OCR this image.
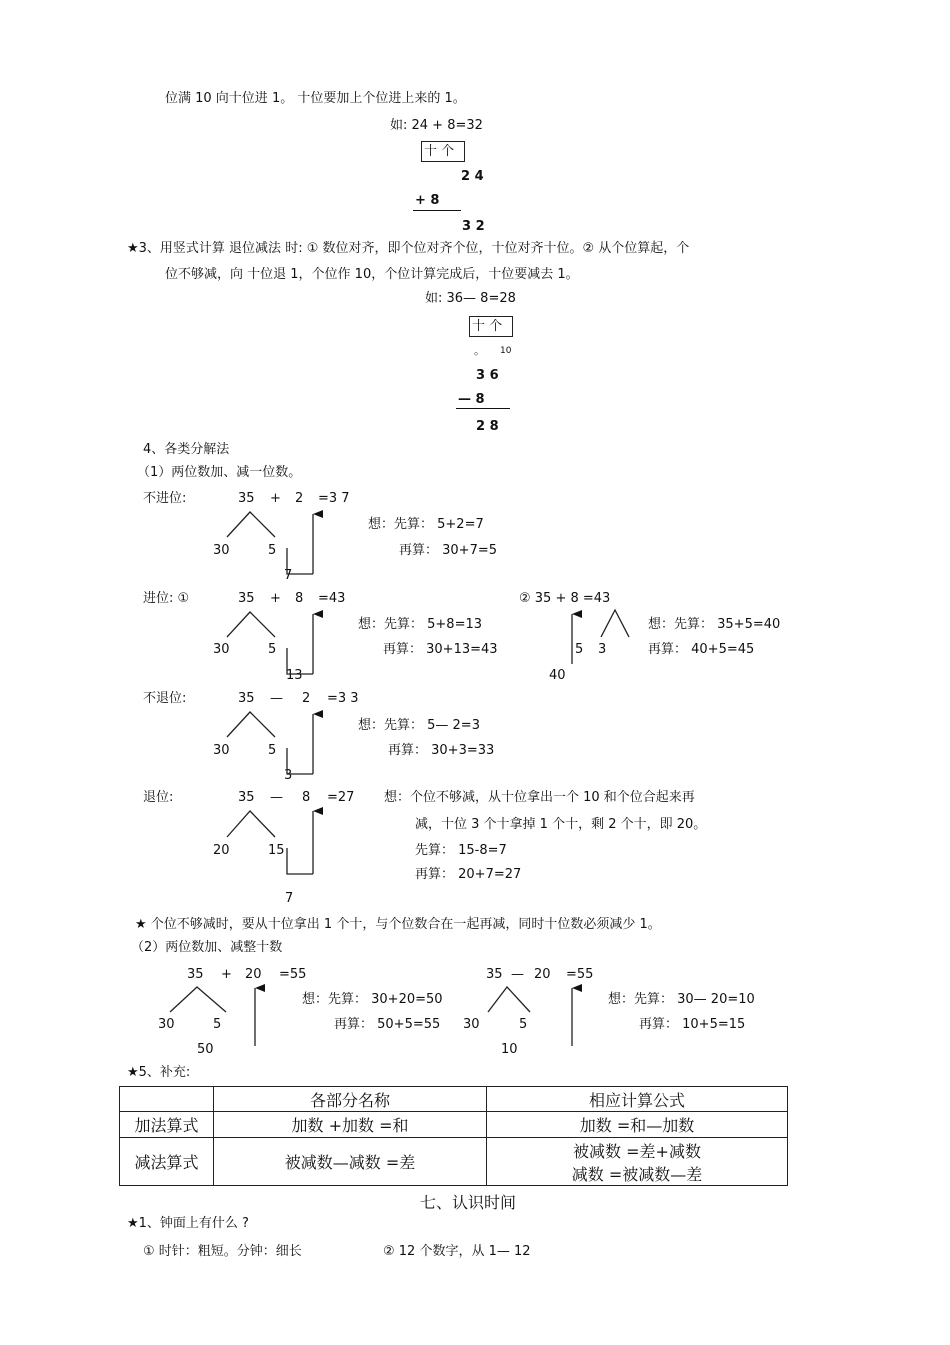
位满 10 向十位进 1。 十位要加上个位进上来的 1。
如: 24 + 8=32
十 个
2 4
+ 8
3 2
★3、用竖式计算 退位减法 时: ① 数位对齐，即个位对齐个位，十位对齐十位。② 从个位算起，个
位不够减，向 十位退 1，个位作 10，个位计算完成后，十位要减去 1。
如: 36— 8=28
十 个
。 10
3 6
— 8
2 8
4、各类分解法
（1）两位数加、减一位数。
不进位:	35 + 2 =3 7
30	5
7
想：先算： 5+2=7
再算： 30+7=5
进位: ①	35 + 8 =43
30	5
13
想：先算： 5+8=13
再算： 30+13=43
② 35 + 8 =43
5 3
40
想：先算： 35+5=40
再算： 40+5=45
不退位:	35 — 2 =3 3
30	5
3
想：先算： 5— 2=3
再算： 30+3=33
退位:	35 — 8 =27
20	15
7
想：个位不够减，从十位拿出一个 10 和个位合起来再
减，十位 3 个十拿掉 1 个十，剩 2 个十，即 20。
先算： 15-8=7
再算： 20+7=27
★ 个位不够减时，要从十位拿出 1 个十，与个位数合在一起再减，同时十位数必须减少 1。
（2）两位数加、减整十数
35 + 20 =55
30	5
50
想：先算： 30+20=50
再算： 50+5=55
35 — 20 =55
30	5
10
想：先算： 30— 20=10
再算： 10+5=15
★5、补充:
	各部分名称	相应计算公式
加法算式	加数 +加数 =和	加数 =和—加数
减法算式	被减数—减数 =差	被减数 =差+减数
减数 =被减数—差
七、认识时间
★1、钟面上有什么 ?
① 时针：粗短。分钟：细长	② 12 个数字，从 1— 12
